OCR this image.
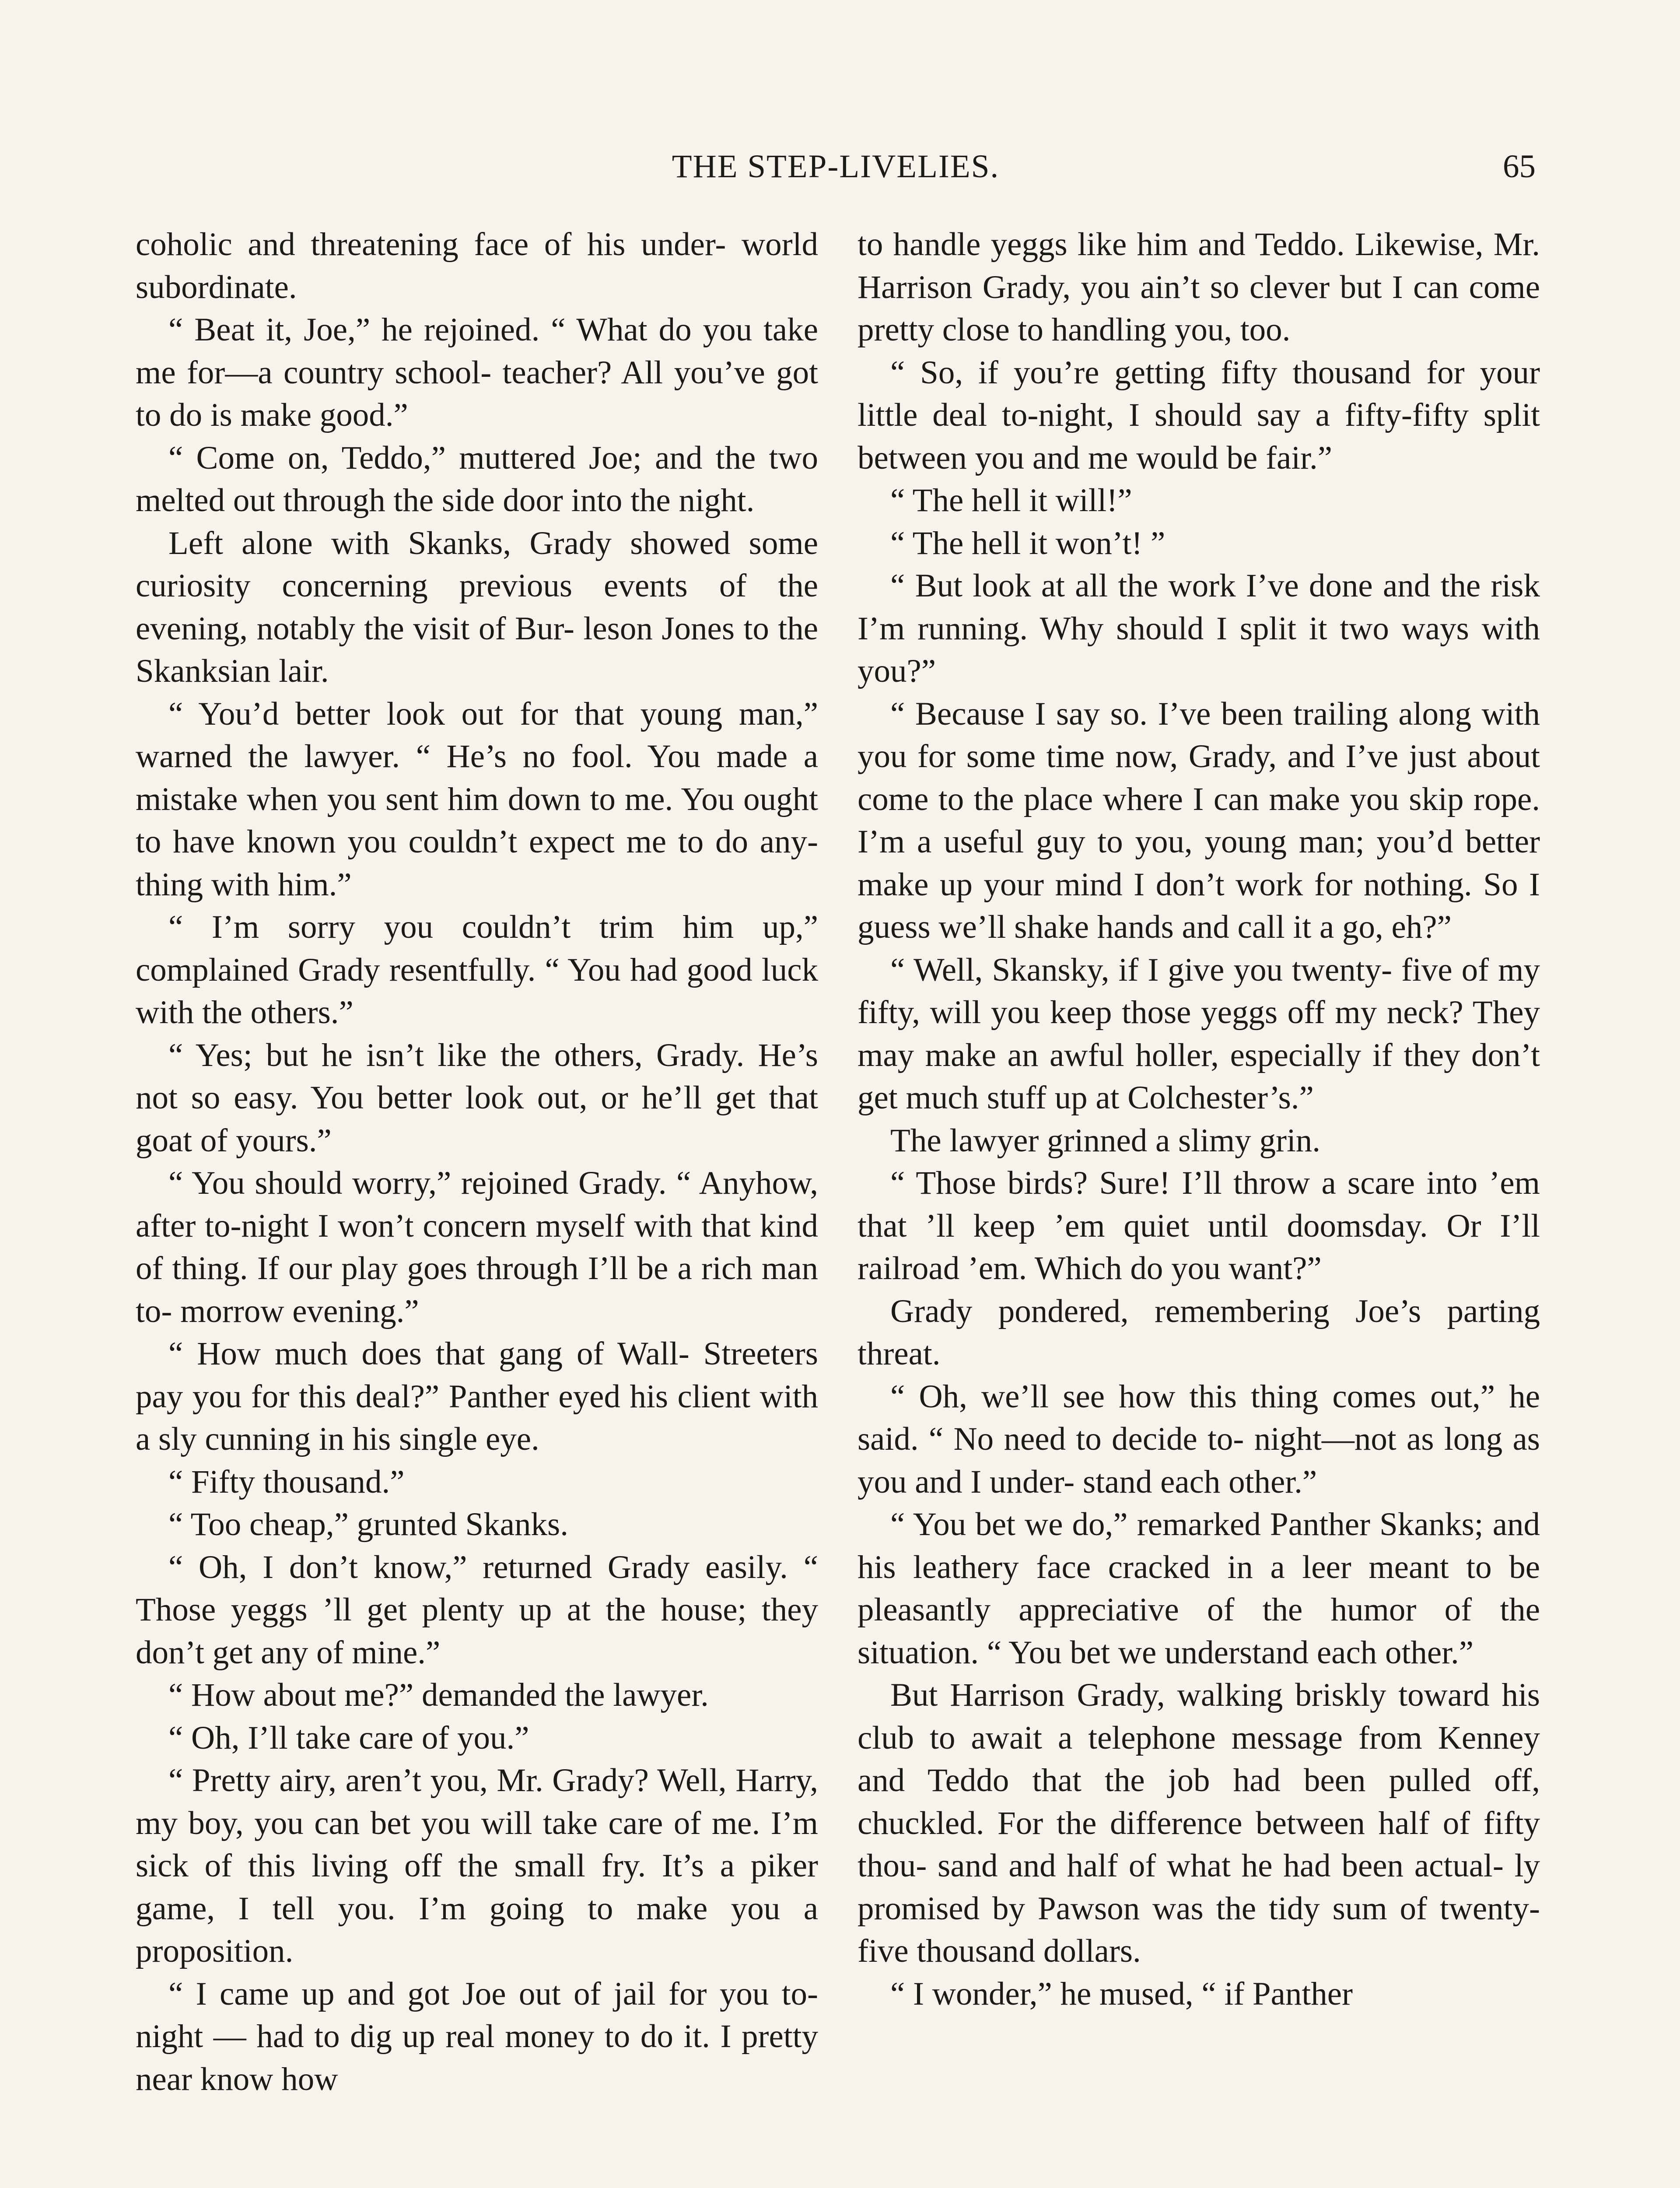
THE STEP-LIVELIES.	65

coholic and threatening face of his under- world subordinate.

“ Beat it, Joe,” he rejoined. “ What do you take me for—a country school- teacher? All you’ve got to do is make good.”

“ Come on, Teddo,” muttered Joe; and the two melted out through the side door into the night.

Left alone with Skanks, Grady showed some curiosity concerning previous events of the evening, notably the visit of Bur- leson Jones to the Skanksian lair.

“ You’d better look out for that young man,” warned the lawyer. “ He’s no fool. You made a mistake when you sent him down to me. You ought to have known you couldn’t expect me to do any- thing with him.”

“ I’m sorry you couldn’t trim him up,” complained Grady resentfully. “ You had good luck with the others.”

“ Yes; but he isn’t like the others, Grady. He’s not so easy. You better look out, or he’ll get that goat of yours.”

“ You should worry,” rejoined Grady. “ Anyhow, after to-night I won’t concern myself with that kind of thing. If our play goes through I’ll be a rich man to- morrow evening.”

“ How much does that gang of Wall- Streeters pay you for this deal?” Panther eyed his client with a sly cunning in his single eye.

“ Fifty thousand.”

“ Too cheap,” grunted Skanks.

“ Oh, I don’t know,” returned Grady easily. “ Those yeggs ’ll get plenty up at the house; they don’t get any of mine.”

“ How about me?” demanded the lawyer.

“ Oh, I’ll take care of you.”

“ Pretty airy, aren’t you, Mr. Grady? Well, Harry, my boy, you can bet you will take care of me. I’m sick of this living off the small fry. It’s a piker game, I tell you. I’m going to make you a proposition.

“ I came up and got Joe out of jail for you to-night — had to dig up real money to do it. I pretty near know how

to handle yeggs like him and Teddo. Likewise, Mr. Harrison Grady, you ain’t so clever but I can come pretty close to handling you, too.

“ So, if you’re getting fifty thousand for your little deal to-night, I should say a fifty-fifty split between you and me would be fair.”

“ The hell it will!”

“ The hell it won’t! ”

“ But look at all the work I’ve done and the risk I’m running. Why should I split it two ways with you?”

“ Because I say so. I’ve been trailing along with you for some time now, Grady, and I’ve just about come to the place where I can make you skip rope. I’m a useful guy to you, young man; you’d better make up your mind I don’t work for nothing. So I guess we’ll shake hands and call it a go, eh?”

“ Well, Skansky, if I give you twenty- five of my fifty, will you keep those yeggs off my neck? They may make an awful holler, especially if they don’t get much stuff up at Colchester’s.”

The lawyer grinned a slimy grin.

“ Those birds? Sure! I’ll throw a scare into ’em that ’ll keep ’em quiet until doomsday. Or I’ll railroad ’em. Which do you want?”

Grady pondered, remembering Joe’s parting threat.

“ Oh, we’ll see how this thing comes out,” he said. “ No need to decide to- night—not as long as you and I under- stand each other.”

“ You bet we do,” remarked Panther Skanks; and his leathery face cracked in a leer meant to be pleasantly appreciative of the humor of the situation. “ You bet we understand each other.”

But Harrison Grady, walking briskly toward his club to await a telephone message from Kenney and Teddo that the job had been pulled off, chuckled. For the difference between half of fifty thou- sand and half of what he had been actual- ly promised by Pawson was the tidy sum of twenty-five thousand dollars.

“ I wonder,” he mused, “ if Panther
